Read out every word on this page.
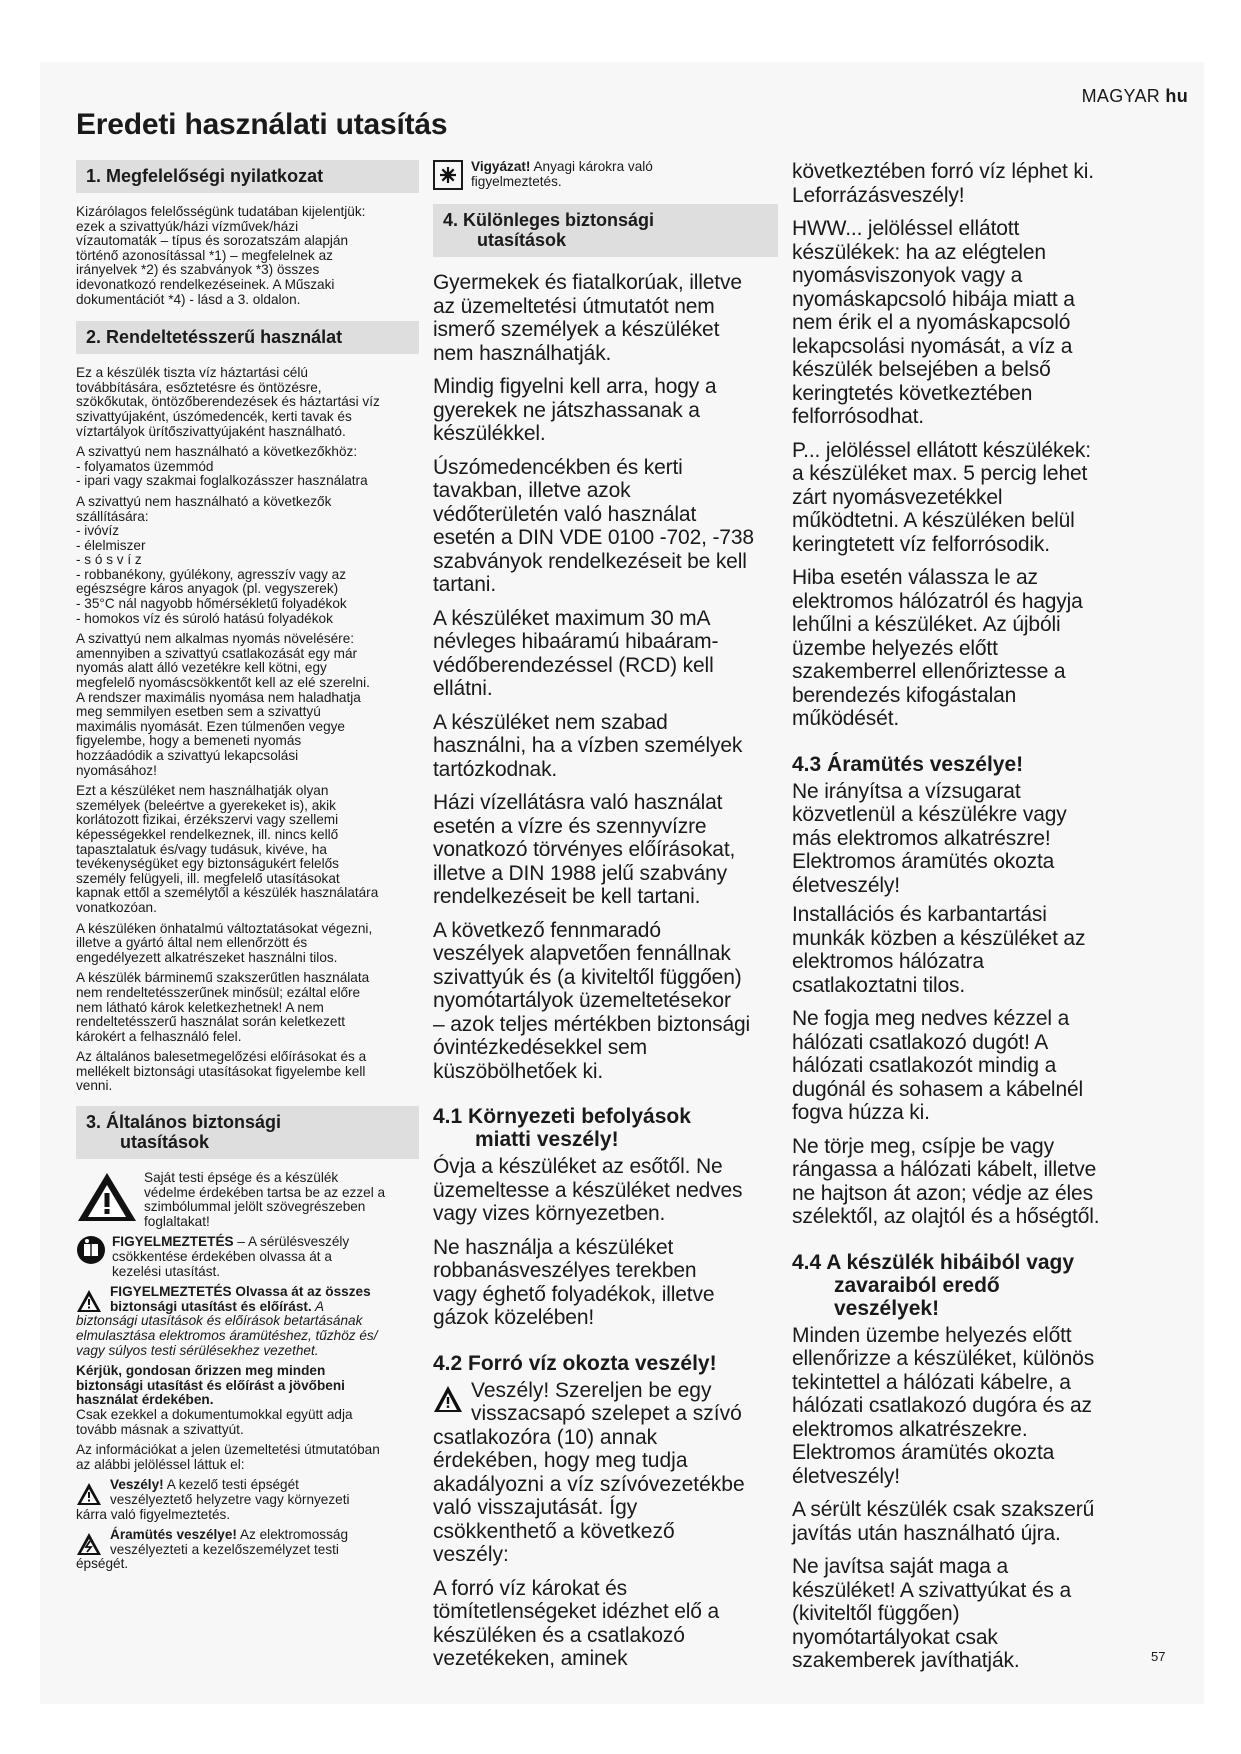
MAGYAR hu
Eredeti használati utasítás
1. Megfelelőségi nyilatkozat

Kizárólagos felelősségünk tudatában kijelentjük:
ezek a szivattyúk/házi vízművek/házi
vízautomaták – típus és sorozatszám alapján
történő azonosítással *1) – megfelelnek az
irányelvek *2) és szabványok *3) összes
idevonatkozó rendelkezéseinek. A Műszaki
dokumentációt *4) - lásd a 3. oldalon.

2. Rendeltetésszerű használat

Ez a készülék tiszta víz háztartási célú
továbbítására, esőztetésre és öntözésre,
szökőkutak, öntözőberendezések és háztartási víz
szivattyújaként, úszómedencék, kerti tavak és
víztartályok ürítőszivattyújaként használható.

A szivattyú nem használható a következőkhöz:
- folyamatos üzemmód
- ipari vagy szakmai foglalkozásszer használatra

A szivattyú nem használható a következők
szállítására:
- ivóvíz
- élelmiszer
- s ó s v í z
- robbanékony, gyúlékony, agresszív vagy az
egészségre káros anyagok (pl. vegyszerek)
- 35°C nál nagyobb hőmérsékletű folyadékok
- homokos víz és súroló hatású folyadékok

A szivattyú nem alkalmas nyomás növelésére:
amennyiben a szivattyú csatlakozását egy már
nyomás alatt álló vezetékre kell kötni, egy
megfelelő nyomáscsökkentőt kell az elé szerelni.
A rendszer maximális nyomása nem haladhatja
meg semmilyen esetben sem a szivattyú
maximális nyomását. Ezen túlmenően vegye
figyelembe, hogy a bemeneti nyomás
hozzáadódik a szivattyú lekapcsolási
nyomásához!

Ezt a készüléket nem használhatják olyan
személyek (beleértve a gyerekeket is), akik
korlátozott fizikai, érzékszervi vagy szellemi
képességekkel rendelkeznek, ill. nincs kellő
tapasztalatuk és/vagy tudásuk, kivéve, ha
tevékenységüket egy biztonságukért felelős
személy felügyeli, ill. megfelelő utasításokat
kapnak ettől a személytől a készülék használatára
vonatkozóan.

A készüléken önhatalmú változtatásokat végezni,
illetve a gyártó által nem ellenőrzött és
engedélyezett alkatrészeket használni tilos.

A készülék bárminemű szakszerűtlen használata
nem rendeltetésszerűnek minősül; ezáltal előre
nem látható károk keletkezhetnek! A nem
rendeltetésszerű használat során keletkezett
károkért a felhasználó felel.

Az általános balesetmegelőzési előírásokat és a
mellékelt biztonsági utasításokat figyelembe kell
venni.

3. Általános biztonsági
utasítások
Saját testi épsége és a készülék
védelme érdekében tartsa be az ezzel a
szimbólummal jelölt szövegrészeben
foglaltakat!
FIGYELMEZTETÉS – A sérülésveszély
csökkentése érdekében olvassa át a
kezelési utasítást.
FIGYELMEZTETÉS Olvassa át az összes
biztonsági utasítást és előírást. A

biztonsági utasítások és előírások betartásának
elmulasztása elektromos áramütéshez, tűzhöz és/
vagy súlyos testi sérülésekhez vezethet.

Kérjük, gondosan őrizzen meg minden
biztonsági utasítást és előírást a jövőbeni
használat érdekében.

Csak ezekkel a dokumentumokkal együtt adja
tovább másnak a szivattyút.

Az információkat a jelen üzemeltetési útmutatóban
az alábbi jelöléssel láttuk el:

Veszély! A kezelő testi épségét
veszélyeztető helyzetre vagy környezeti
kárra való figyelmeztetés.
Áramütés veszélye! Az elektromosság
veszélyezteti a kezelőszemélyzet testi
épségét.
Vigyázat! Anyagi károkra való
figyelmeztetés.
4. Különleges biztonsági
utasítások

Gyermekek és fiatalkorúak, illetve
az üzemeltetési útmutatót nem
ismerő személyek a készüléket
nem használhatják.

Mindig figyelni kell arra, hogy a
gyerekek ne játszhassanak a
készülékkel.

Úszómedencékben és kerti
tavakban, illetve azok
védőterületén való használat
esetén a DIN VDE 0100 -702, -738
szabványok rendelkezéseit be kell
tartani.

A készüléket maximum 30 mA
névleges hibaáramú hibaáram-
védőberendezéssel (RCD) kell
ellátni.

A készüléket nem szabad
használni, ha a vízben személyek
tartózkodnak.

Házi vízellátásra való használat
esetén a vízre és szennyvízre
vonatkozó törvényes előírásokat,
illetve a DIN 1988 jelű szabvány
rendelkezéseit be kell tartani.

A következő fennmaradó
veszélyek alapvetően fennállnak
szivattyúk és (a kiviteltől függően)
nyomótartályok üzemeltetésekor
– azok teljes mértékben biztonsági
óvintézkedésekkel sem
küszöbölhetőek ki.

4.1 Környezeti befolyások
miatti veszély!

Óvja a készüléket az esőtől. Ne
üzemeltesse a készüléket nedves
vagy vizes környezetben.

Ne használja a készüléket
robbanásveszélyes terekben
vagy éghető folyadékok, illetve
gázok közelében!

4.2 Forró víz okozta veszély!
Veszély! Szereljen be egy
visszacsapó szelepet a szívó
csatlakozóra (10) annak
érdekében, hogy meg tudja
akadályozni a víz szívóvezetékbe
való visszajutását. Így
csökkenthető a következő
veszély:

A forró víz károkat és
tömítetlenségeket idézhet elő a
készüléken és a csatlakozó
vezetékeken, aminek

következtében forró víz léphet ki.
Leforrázásveszély!

HWW... jelöléssel ellátott
készülékek: ha az elégtelen
nyomásviszonyok vagy a
nyomáskapcsoló hibája miatt a
nem érik el a nyomáskapcsoló
lekapcsolási nyomását, a víz a
készülék belsejében a belső
keringtetés következtében
felforrósodhat.

P... jelöléssel ellátott készülékek:
a készüléket max. 5 percig lehet
zárt nyomásvezetékkel
működtetni. A készüléken belül
keringtetett víz felforrósodik.

Hiba esetén válassza le az
elektromos hálózatról és hagyja
lehűlni a készüléket. Az újbóli
üzembe helyezés előtt
szakemberrel ellenőriztesse a
berendezés kifogástalan
működését.

4.3 Áramütés veszélye!

Ne irányítsa a vízsugarat
közvetlenül a készülékre vagy
más elektromos alkatrészre!
Elektromos áramütés okozta
életveszély!

Installációs és karbantartási
munkák közben a készüléket az
elektromos hálózatra
csatlakoztatni tilos.

Ne fogja meg nedves kézzel a
hálózati csatlakozó dugót! A
hálózati csatlakozót mindig a
dugónál és sohasem a kábelnél
fogva húzza ki.

Ne törje meg, csípje be vagy
rángassa a hálózati kábelt, illetve
ne hajtson át azon; védje az éles
szélektől, az olajtól és a hőségtől.

4.4 A készülék hibáiból vagy
zavaraiból eredő
veszélyek!

Minden üzembe helyezés előtt
ellenőrizze a készüléket, különös
tekintettel a hálózati kábelre, a
hálózati csatlakozó dugóra és az
elektromos alkatrészekre.
Elektromos áramütés okozta
életveszély!

A sérült készülék csak szakszerű
javítás után használható újra.

Ne javítsa saját maga a
készüléket! A szivattyúkat és a
(kiviteltől függően)
nyomótartályokat csak
szakemberek javíthatják.	57
